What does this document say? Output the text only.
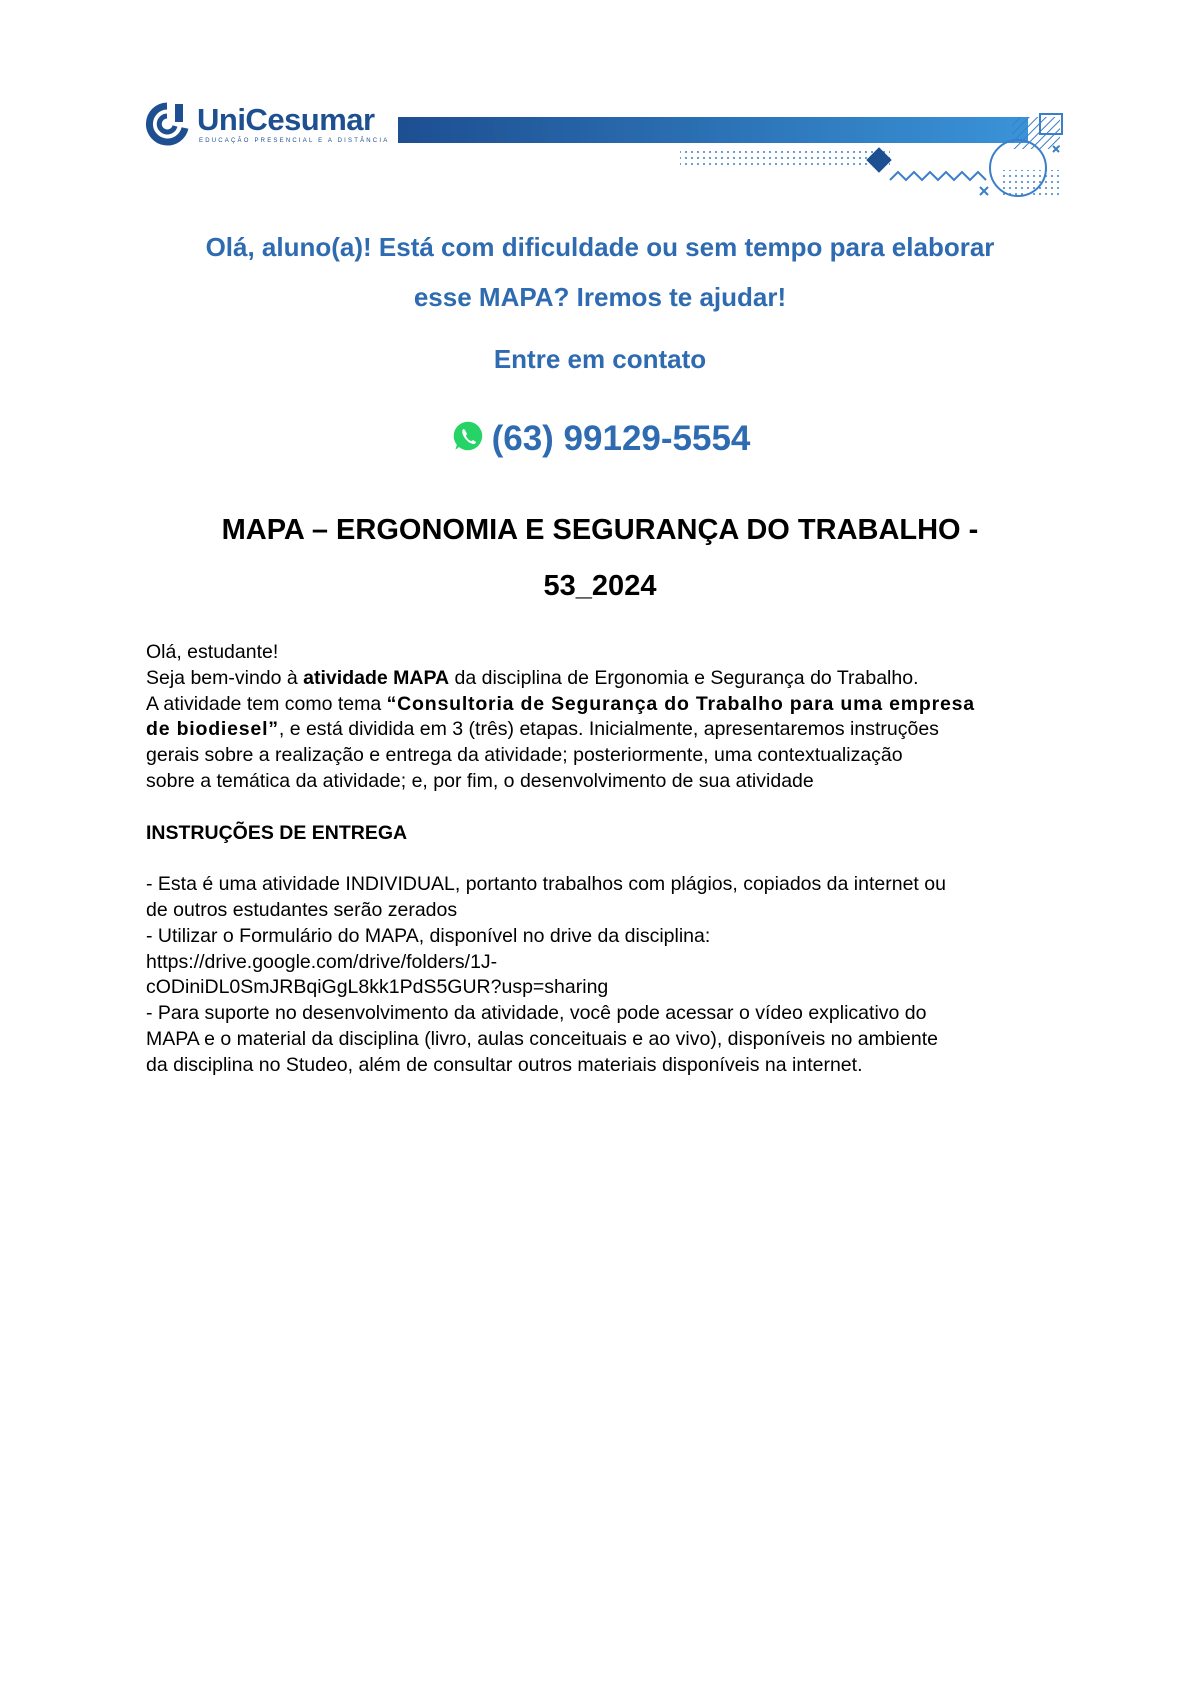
UniCesumar
EDUCAÇÃO PRESENCIAL E A DISTÂNCIA
Olá, aluno(a)! Está com dificuldade ou sem tempo para elaborar
esse MAPA? Iremos te ajudar!
Entre em contato
(63) 99129-5554
MAPA – ERGONOMIA E SEGURANÇA DO TRABALHO -
53_2024

Olá, estudante!

Seja bem-vindo à atividade MAPA da disciplina de Ergonomia e Segurança do Trabalho.

A atividade tem como tema “Consultoria de Segurança do Trabalho para uma empresa

de biodiesel”, e está dividida em 3 (três) etapas. Inicialmente, apresentaremos instruções

gerais sobre a realização e entrega da atividade; posteriormente, uma contextualização

sobre a temática da atividade; e, por fim, o desenvolvimento de sua atividade

INSTRUÇÕES DE ENTREGA

- Esta é uma atividade INDIVIDUAL, portanto trabalhos com plágios, copiados da internet ou

de outros estudantes serão zerados

- Utilizar o Formulário do MAPA, disponível no drive da disciplina:

https://drive.google.com/drive/folders/1J-

cODiniDL0SmJRBqiGgL8kk1PdS5GUR?usp=sharing

- Para suporte no desenvolvimento da atividade, você pode acessar o vídeo explicativo do

MAPA e o material da disciplina (livro, aulas conceituais e ao vivo), disponíveis no ambiente

da disciplina no Studeo, além de consultar outros materiais disponíveis na internet.
